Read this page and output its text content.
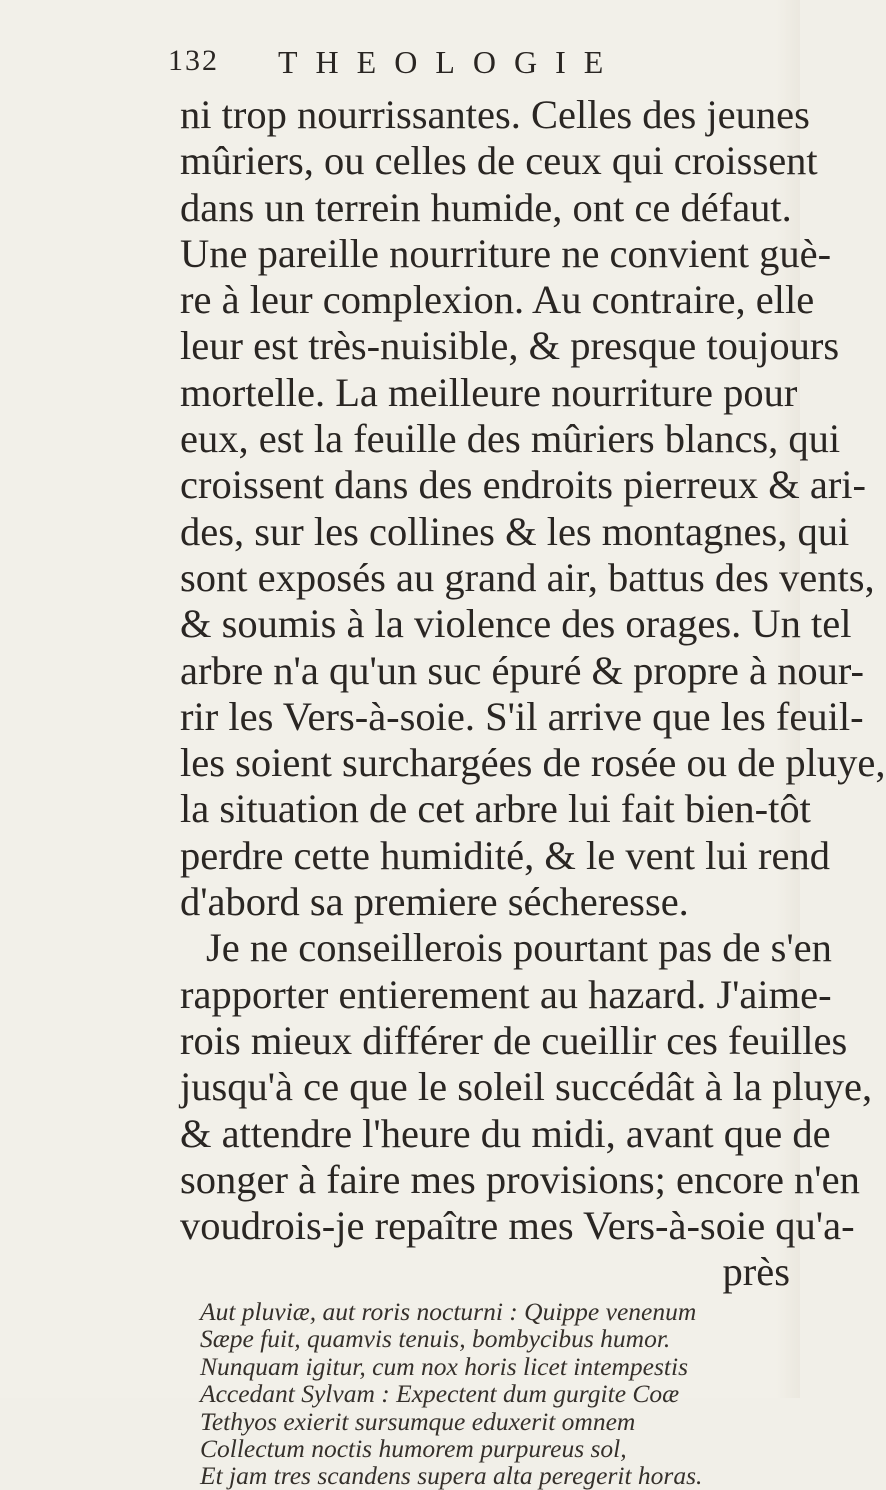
132 THEOLOGIE
ni trop nourrissantes. Celles des jeunes
mûriers, ou celles de ceux qui croissent
dans un terrein humide, ont ce défaut.
Une pareille nourriture ne convient guè-
re à leur complexion. Au contraire, elle
leur est très-nuisible, & presque toujours
mortelle. La meilleure nourriture pour
eux, est la feuille des mûriers blancs, qui
croissent dans des endroits pierreux & ari-
des, sur les collines & les montagnes, qui
sont exposés au grand air, battus des vents,
& soumis à la violence des orages. Un tel
arbre n'a qu'un suc épuré & propre à nour-
rir les Vers-à-soie. S'il arrive que les feuil-
les soient surchargées de rosée ou de pluye,
la situation de cet arbre lui fait bien-tôt
perdre cette humidité, & le vent lui rend
d'abord sa premiere sécheresse.
Je ne conseillerois pourtant pas de s'en
rapporter entierement au hazard. J'aime-
rois mieux différer de cueillir ces feuilles
jusqu'à ce que le soleil succédât à la pluye,
& attendre l'heure du midi, avant que de
songer à faire mes provisions; encore n'en
voudrois-je repaître mes Vers-à-soie qu'a-
près
Aut pluviæ, aut roris nocturni : Quippe venenum
Sæpe fuit, quamvis tenuis, bombycibus humor.
Nunquam igitur, cum nox horis licet intempestis
Accedant Sylvam : Expectent dum gurgite Coæ
Tethyos exierit sursumque eduxerit omnem
Collectum noctis humorem purpureus sol,
Et jam tres scandens supera alta peregerit horas.
